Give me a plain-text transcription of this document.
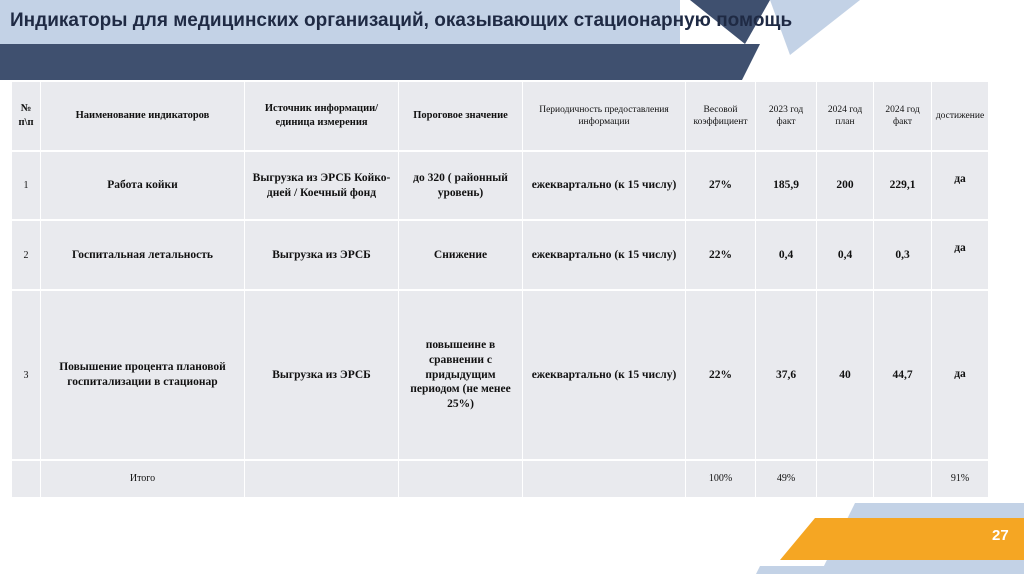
Индикаторы для медицинских организаций, оказывающих стационарную помощь
№ п\п	Наименование индикаторов	Источник информации/ единица измерения	Пороговое значение	Периодичность предоставления информации	Весовой коэффициент	2023 год факт	2024 год план	2024 год факт	достижение
1	Работа койки	Выгрузка из ЭРСБ Койко-дней / Коечный фонд	до 320 ( районный уровень)	ежеквартально (к 15 числу)	27%	185,9	200	229,1	да
2	Госпитальная летальность	Выгрузка из ЭРСБ	Снижение	ежеквартально (к 15 числу)	22%	0,4	0,4	0,3	да
3	Повышение процента плановой госпитализации в стационар	Выгрузка из ЭРСБ	повышеине в сравнении с придыдущим периодом (не менее 25%)	ежеквартально (к 15 числу)	22%	37,6	40	44,7	да
	Итого				100%	49%			91%
27
